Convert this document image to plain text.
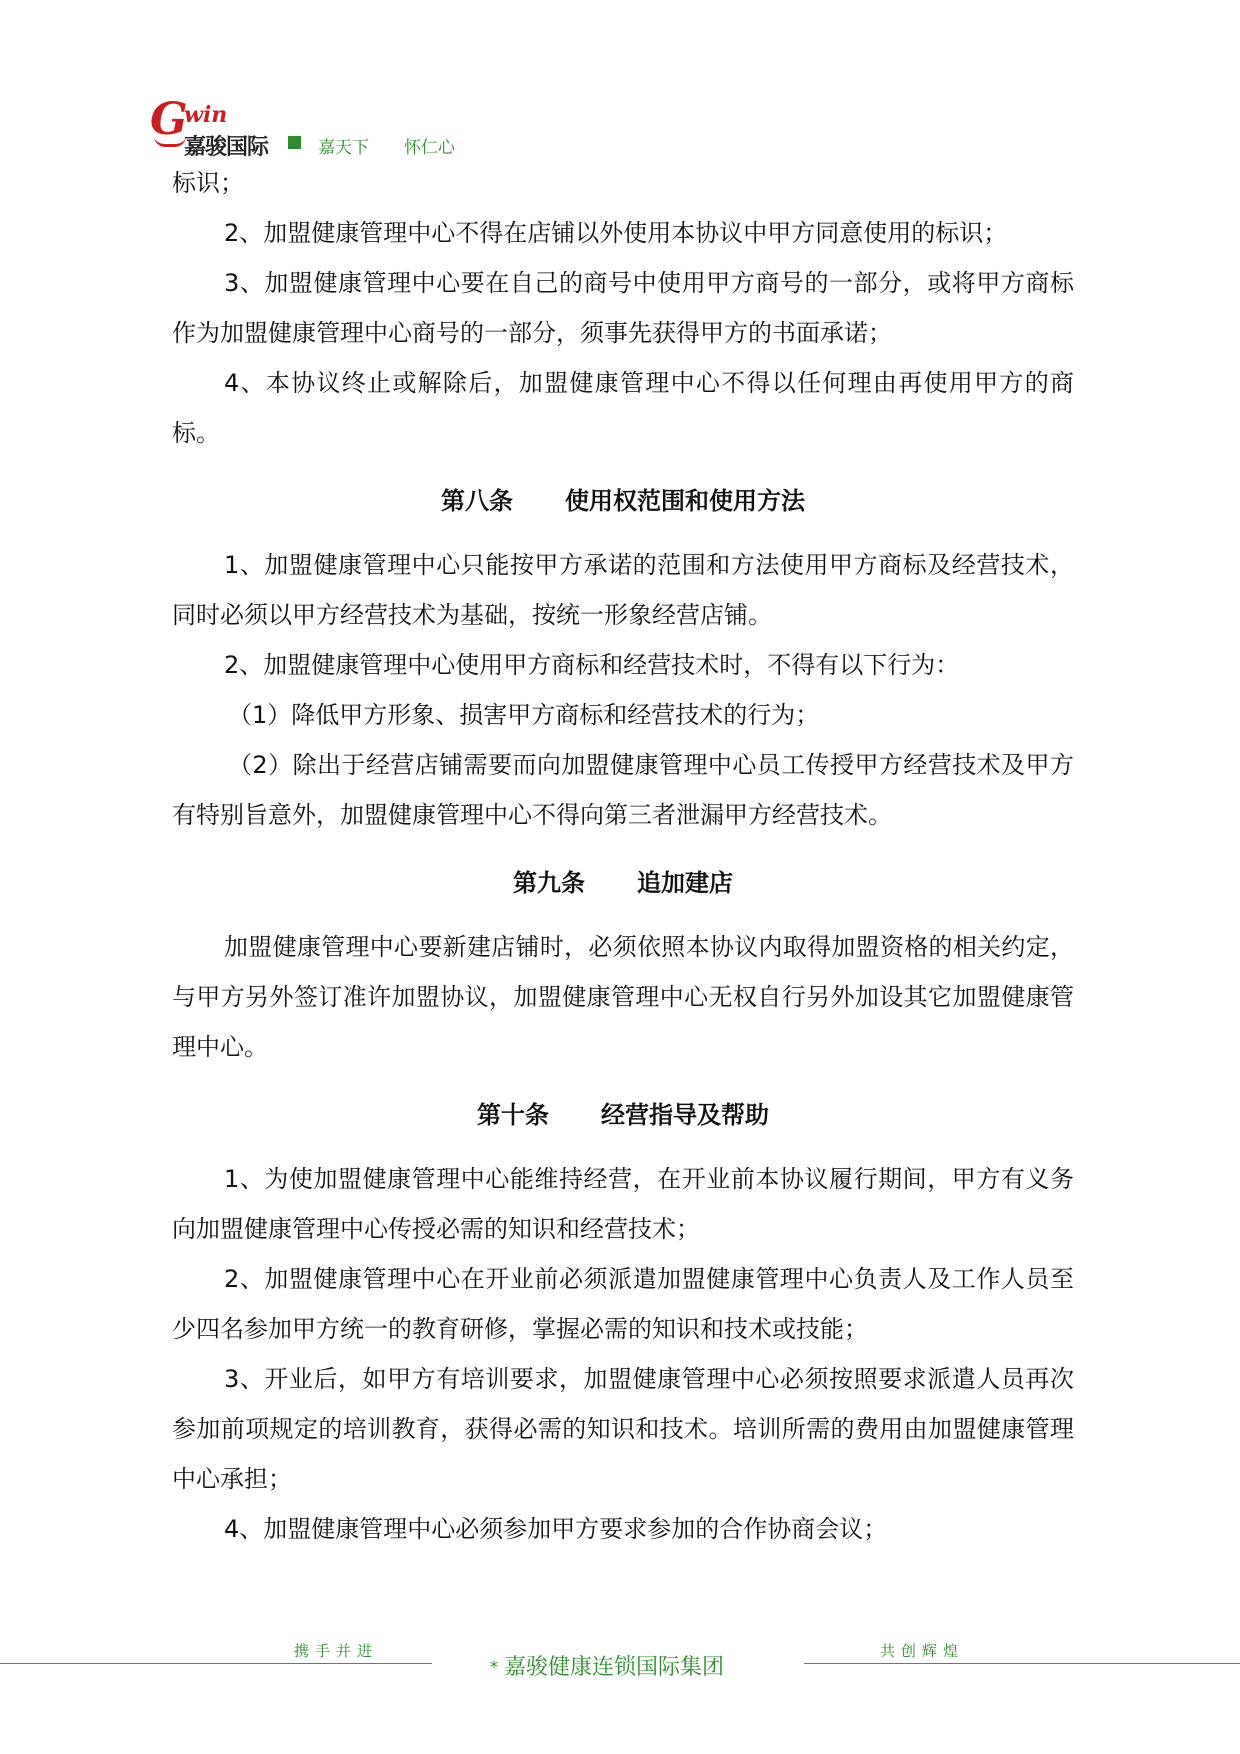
G
win
嘉骏国际	嘉天下 怀仁心

标识；

2、加盟健康管理中心不得在店铺以外使用本协议中甲方同意使用的标识；

3、加盟健康管理中心要在自己的商号中使用甲方商号的一部分，或将甲方商标作为加盟健康管理中心商号的一部分，须事先获得甲方的书面承诺；

4、本协议终止或解除后，加盟健康管理中心不得以任何理由再使用甲方的商标。

第八条 使用权范围和使用方法

1、加盟健康管理中心只能按甲方承诺的范围和方法使用甲方商标及经营技术，同时必须以甲方经营技术为基础，按统一形象经营店铺。

2、加盟健康管理中心使用甲方商标和经营技术时，不得有以下行为：

（1）降低甲方形象、损害甲方商标和经营技术的行为；

（2）除出于经营店铺需要而向加盟健康管理中心员工传授甲方经营技术及甲方有特别旨意外，加盟健康管理中心不得向第三者泄漏甲方经营技术。

第九条 追加建店

加盟健康管理中心要新建店铺时，必须依照本协议内取得加盟资格的相关约定，与甲方另外签订准许加盟协议，加盟健康管理中心无权自行另外加设其它加盟健康管理中心。

第十条 经营指导及帮助

1、为使加盟健康管理中心能维持经营，在开业前本协议履行期间，甲方有义务向加盟健康管理中心传授必需的知识和经营技术；

2、加盟健康管理中心在开业前必须派遣加盟健康管理中心负责人及工作人员至少四名参加甲方统一的教育研修，掌握必需的知识和技术或技能；

3、开业后，如甲方有培训要求，加盟健康管理中心必须按照要求派遣人员再次参加前项规定的培训教育，获得必需的知识和技术。培训所需的费用由加盟健康管理中心承担；

4、加盟健康管理中心必须参加甲方要求参加的合作协商会议；

携手并进	共创辉煌
* 嘉骏健康连锁国际集团
